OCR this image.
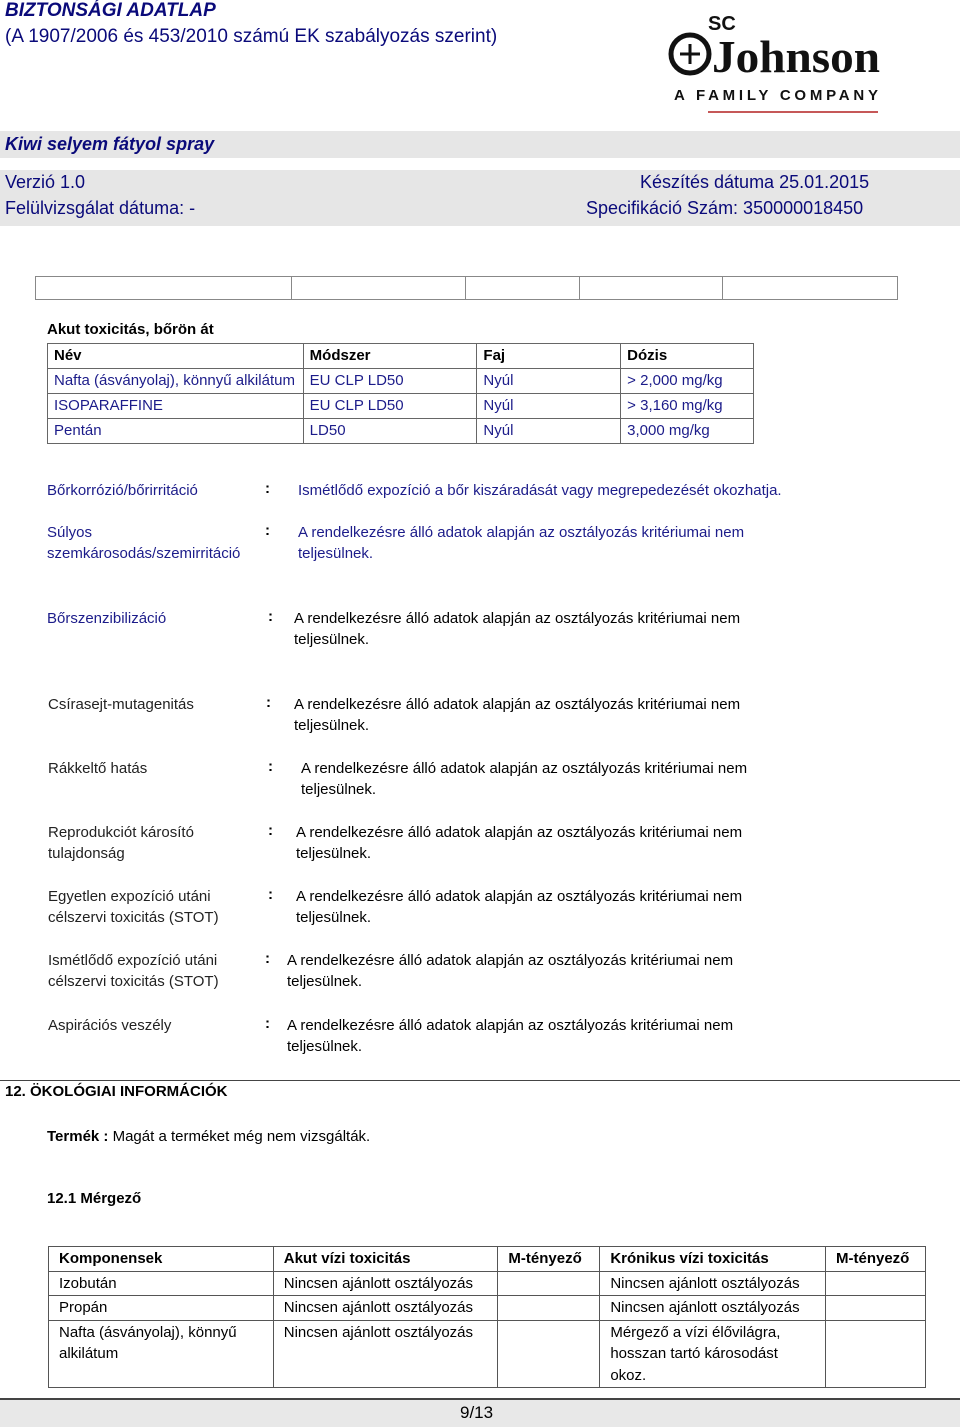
BIZTONSÁGI ADATLAP
(A 1907/2006 és 453/2010 számú EK szabályozás szerint)
SC
Johnson
A FAMILY COMPANY
Kiwi selyem fátyol spray
Verzió 1.0	Készítés dátuma 25.01.2015
Felülvizsgálat dátuma: -	Specifikáció Szám: 350000018450

Akut toxicitás, bőrön át
Név	Módszer	Faj	Dózis
Nafta (ásványolaj), könnyű alkilátum	EU CLP LD50	Nyúl	> 2,000 mg/kg
ISOPARAFFINE	EU CLP LD50	Nyúl	> 3,160 mg/kg
Pentán	LD50	Nyúl	3,000 mg/kg
Bőrkorrózió/bőrirritáció	: Ismétlődő expozíció a bőr kiszáradását vagy megrepedezését okozhatja.
Súlyos szemkárosodás/szemirritáció
: A rendelkezésre álló adatok alapján az osztályozás kritériumai nem teljesülnek.
Bőrszenzibilizáció	: A rendelkezésre álló adatok alapján az osztályozás kritériumai nem teljesülnek.
Csírasejt-mutagenitás	: A rendelkezésre álló adatok alapján az osztályozás kritériumai nem teljesülnek.
Rákkeltő hatás	: A rendelkezésre álló adatok alapján az osztályozás kritériumai nem teljesülnek.
Reprodukciót károsító tulajdonság
: A rendelkezésre álló adatok alapján az osztályozás kritériumai nem teljesülnek.
Egyetlen expozíció utáni célszervi toxicitás (STOT)
: A rendelkezésre álló adatok alapján az osztályozás kritériumai nem teljesülnek.
Ismétlődő expozíció utáni célszervi toxicitás (STOT)
: A rendelkezésre álló adatok alapján az osztályozás kritériumai nem teljesülnek.
Aspirációs veszély	: A rendelkezésre álló adatok alapján az osztályozás kritériumai nem teljesülnek.
12. ÖKOLÓGIAI INFORMÁCIÓK
Termék : Magát a terméket még nem vizsgálták.
12.1 Mérgező
Komponensek	Akut vízi toxicitás	M-tényező	Krónikus vízi toxicitás	M-tényező
Izobután	Nincsen ajánlott osztályozás		Nincsen ajánlott osztályozás	
Propán	Nincsen ajánlott osztályozás		Nincsen ajánlott osztályozás	
Nafta (ásványolaj), könnyű alkilátum	Nincsen ajánlott osztályozás		Mérgező a vízi élővilágra, hosszan tartó károsodást okoz.	
9/13
